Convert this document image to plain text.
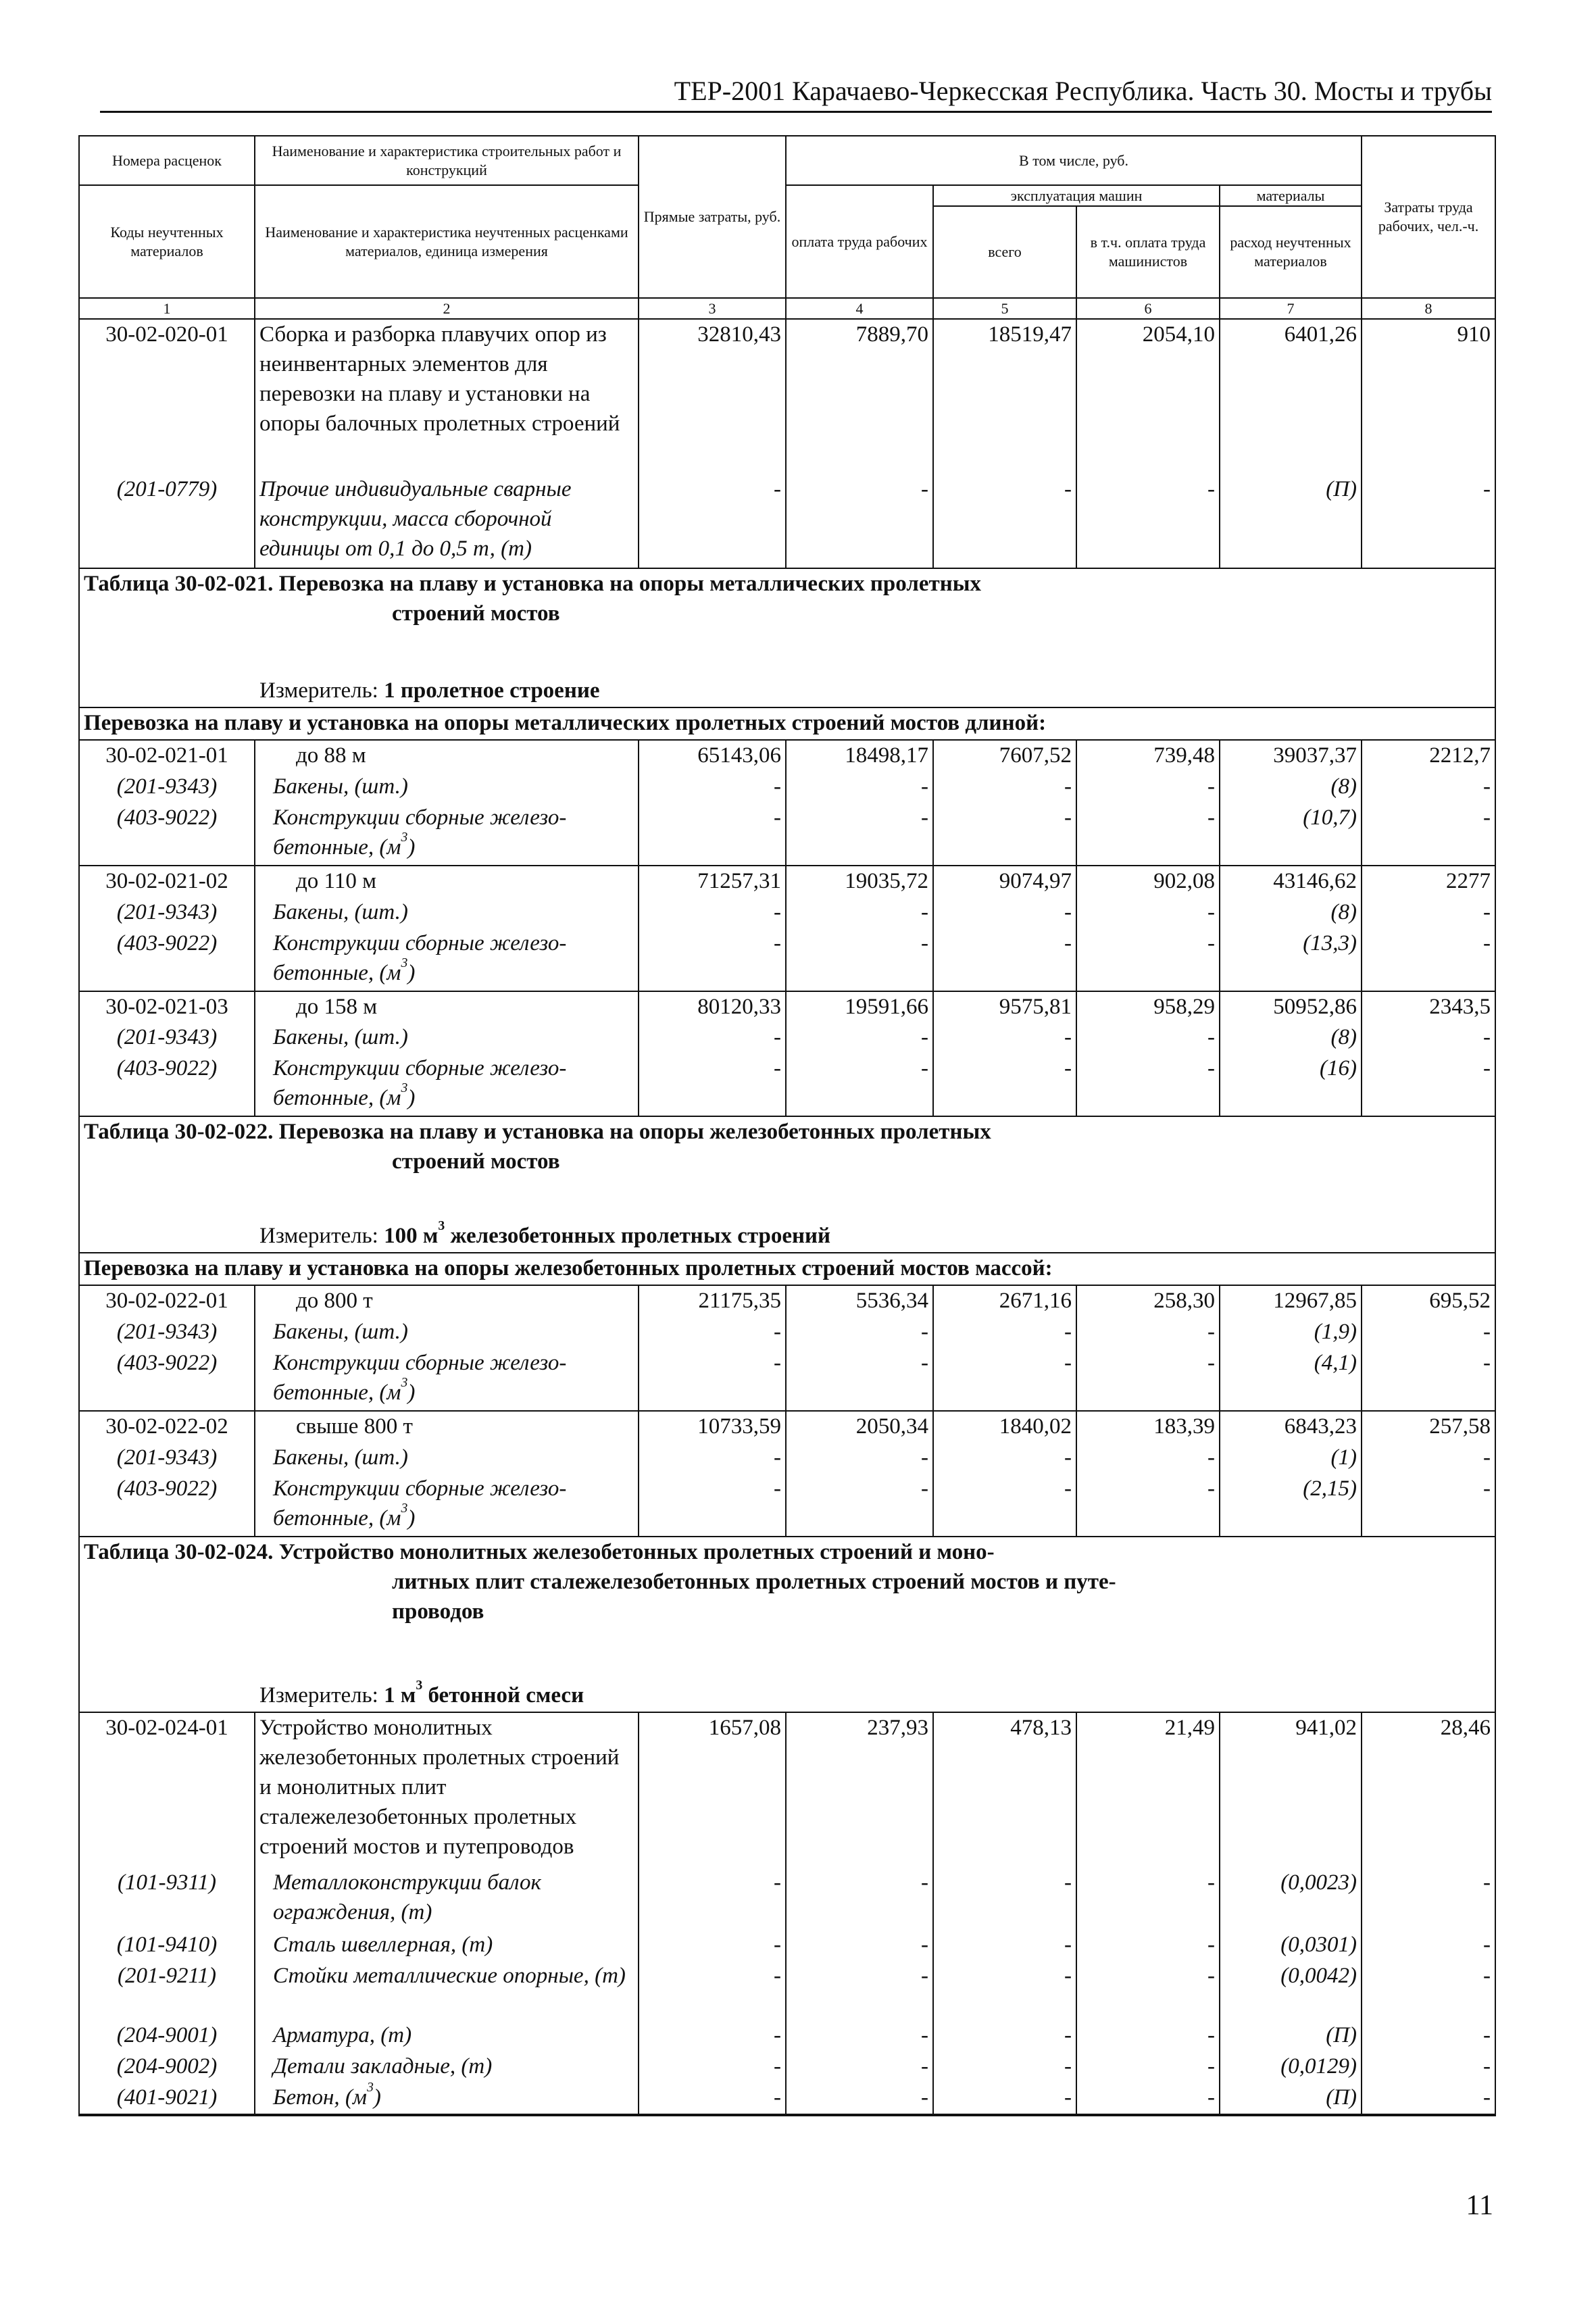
ТЕР-2001 Карачаево-Черкесская Республика. Часть 30. Мосты и трубы
Номера расценок	Наименование и характеристика строительных работ и конструкций	Прямые затраты, руб.	В том числе, руб.				Затраты труда рабочих, чел.-ч.
Коды неучтенных материалов	Наименование и характеристика неучтенных расценками материалов, единица измерения		оплата труда рабочих	эксплуатация машин		материалы	
				всего	в т.ч. оплата труда машинистов	расход неучтенных материалов	
1	2	3	4	5	6	7	8
30-02-020-01	Сборка и разборка плавучих опор из неинвентарных элементов для перевозки на плаву и установки на опоры балочных пролетных строений	32810,43	7889,70	18519,47	2054,10	6401,26	910
(201-0779)	Прочие индивидуальные сварные конструкции, масса сборочной единицы от 0,1 до 0,5 т, (т)	-	-	-	-	(П)	-
Таблица 30-02-021. Перевозка на плаву и установка на опоры металлических пролетных
строений мостов							

Измеритель: 1 пролетное строение							
Перевозка на плаву и установка на опоры металлических пролетных строений мостов длиной:							
30-02-021-01	до 88 м	65143,06	18498,17	7607,52	739,48	39037,37	2212,7
(201-9343)	Бакены, (шт.)	-	-	-	-	(8)	-
(403-9022)	Конструкции сборные железо-бетонные, $(м^3)$	-	-	-	-	(10,7)	-
30-02-021-02	до 110 м	71257,31	19035,72	9074,97	902,08	43146,62	2277
(201-9343)	Бакены, (шт.)	-	-	-	-	(8)	-
(403-9022)	Конструкции сборные железо-бетонные, $(м^3)$	-	-	-	-	(13,3)	-
30-02-021-03	до 158 м	80120,33	19591,66	9575,81	958,29	50952,86	2343,5
(201-9343)	Бакены, (шт.)	-	-	-	-	(8)	-
(403-9022)	Конструкции сборные железо-бетонные, $(м^3)$	-	-	-	-	(16)	-
Таблица 30-02-022. Перевозка на плаву и установка на опоры железобетонных пролетных
строений мостов							

Измеритель: 100 $м^3$ железобетонных пролетных строений							
Перевозка на плаву и установка на опоры железобетонных пролетных строений мостов массой:							
30-02-022-01	до 800 т	21175,35	5536,34	2671,16	258,30	12967,85	695,52
(201-9343)	Бакены, (шт.)	-	-	-	-	(1,9)	-
(403-9022)	Конструкции сборные железо-бетонные, $(м^3)$	-	-	-	-	(4,1)	-
30-02-022-02	свыше 800 т	10733,59	2050,34	1840,02	183,39	6843,23	257,58
(201-9343)	Бакены, (шт.)	-	-	-	-	(1)	-
(403-9022)	Конструкции сборные железо-бетонные, $(м^3)$	-	-	-	-	(2,15)	-
Таблица 30-02-024. Устройство монолитных железобетонных пролетных строений и моно-
литных плит сталежелезобетонных пролетных строений мостов и путе-
проводов							

Измеритель: 1 $м^3$ бетонной смеси							
30-02-024-01	Устройство монолитных железобетонных пролетных строений и монолитных плит сталежелезобетонных пролетных строений мостов и путепроводов	1657,08	237,93	478,13	21,49	941,02	28,46
(101-9311)	Металлоконструкции балок ограждения, (т)	-	-	-	-	(0,0023)	-
(101-9410)	Сталь швеллерная, (т)	-	-	-	-	(0,0301)	-
(201-9211)	Стойки металлические опорные, (т)	-	-	-	-	(0,0042)	-
(204-9001)	Арматура, (т)	-	-	-	-	(П)	-
(204-9002)	Детали закладные, (т)	-	-	-	-	(0,0129)	-
(401-9021)	Бетон, $(м^3)$	-	-	-	-	(П)	-

11
